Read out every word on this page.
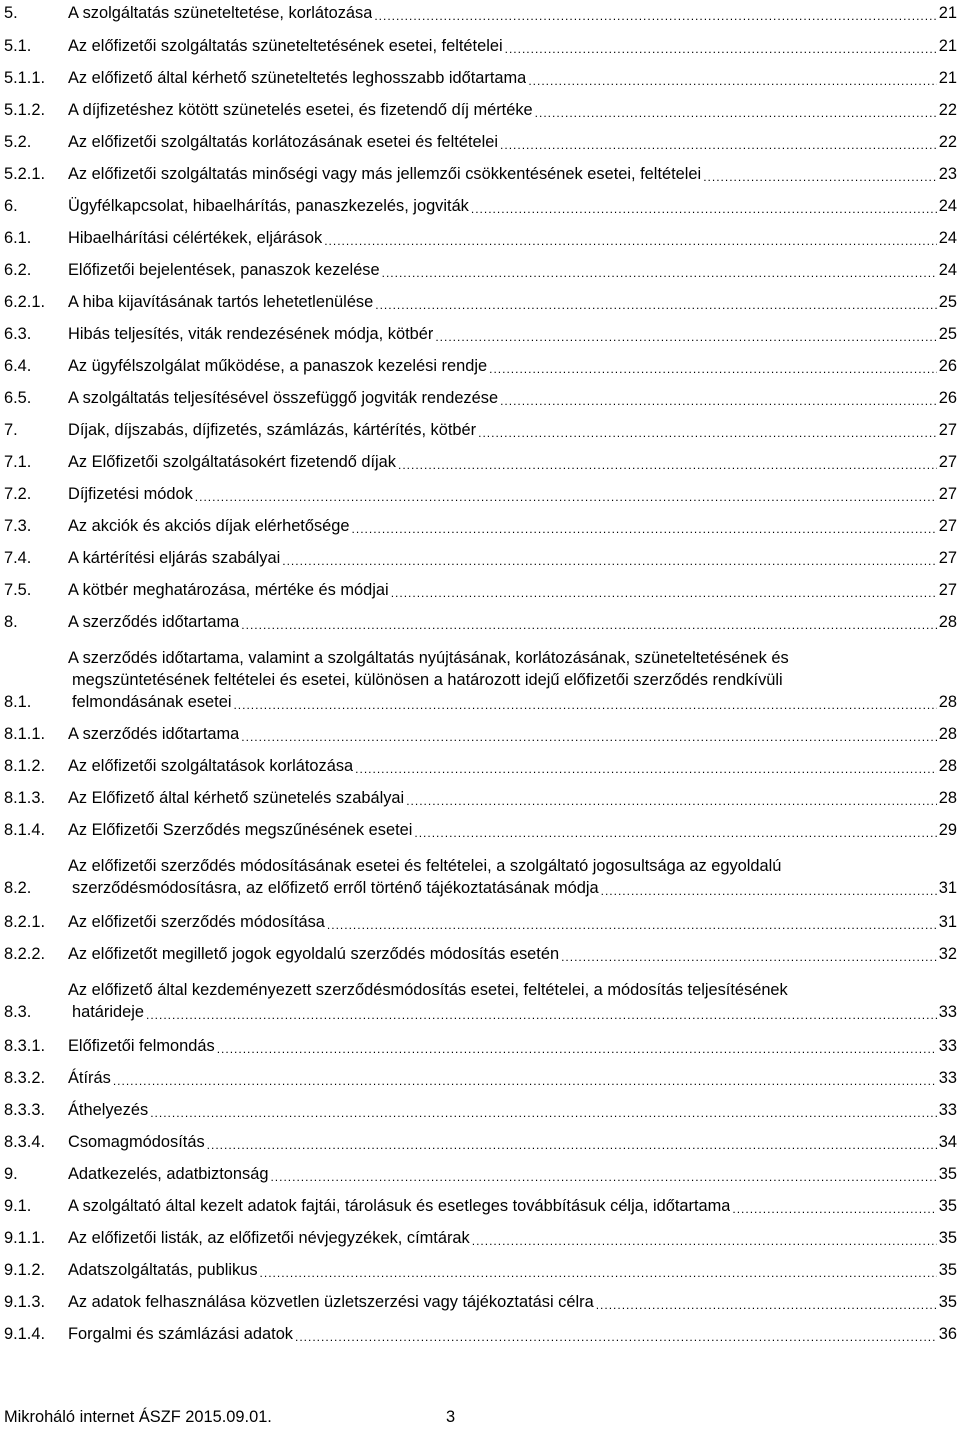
5.	A szolgáltatás szüneteltetése, korlátozása .....	21
5.1.	Az előfizetői szolgáltatás szüneteltetésének esetei, feltételei .....	21
5.1.1.	Az előfizető által kérhető szüneteltetés leghosszabb időtartama .....	21
5.1.2.	A díjfizetéshez kötött szünetelés esetei, és fizetendő díj mértéke .....	22
5.2.	Az előfizetői szolgáltatás korlátozásának esetei és feltételei .....	22
5.2.1.	Az előfizetői szolgáltatás minőségi vagy más jellemzői csökkentésének esetei, feltételei .....	23
6.	Ügyfélkapcsolat, hibaelhárítás, panaszkezelés, jogviták .....	24
6.1.	Hibaelhárítási célértékek, eljárások .....	24
6.2.	Előfizetői bejelentések, panaszok kezelése .....	24
6.2.1.	A hiba kijavításának tartós lehetetlenülése .....	25
6.3.	Hibás teljesítés, viták rendezésének módja, kötbér .....	25
6.4.	Az ügyfélszolgálat működése, a panaszok kezelési rendje .....	26
6.5.	A szolgáltatás teljesítésével összefüggő jogviták rendezése .....	26
7.	Díjak, díjszabás, díjfizetés, számlázás, kártérítés, kötbér .....	27
7.1.	Az Előfizetői szolgáltatásokért fizetendő díjak .....	27
7.2.	Díjfizetési módok .....	27
7.3.	Az akciók és akciós díjak elérhetősége .....	27
7.4.	A kártérítési eljárás szabályai .....	27
7.5.	A kötbér meghatározása, mértéke és módjai .....	27
8.	A szerződés időtartama .....	28
8.1.
A szerződés időtartama, valamint a szolgáltatás nyújtásának, korlátozásának, szüneteltetésének és
megszüntetésének feltételei és esetei, különösen a határozott idejű előfizetői szerződés rendkívüli
felmondásának esetei .....	28
8.1.1.	A szerződés időtartama .....	28
8.1.2.	Az előfizetői szolgáltatások korlátozása .....	28
8.1.3.	Az Előfizető által kérhető szünetelés szabályai .....	28
8.1.4.	Az Előfizetői Szerződés megszűnésének esetei .....	29
8.2.
Az előfizetői szerződés módosításának esetei és feltételei, a szolgáltató jogosultsága az egyoldalú
szerződésmódosításra, az előfizető erről történő tájékoztatásának módja .....	31
8.2.1.	Az előfizetői szerződés módosítása .....	31
8.2.2.	Az előfizetőt megillető jogok egyoldalú szerződés módosítás esetén .....	32
8.3.
Az előfizető által kezdeményezett szerződésmódosítás esetei, feltételei, a módosítás teljesítésének
határideje .....	33
8.3.1.	Előfizetői felmondás .....	33
8.3.2.	Átírás .....	33
8.3.3.	Áthelyezés .....	33
8.3.4.	Csomagmódosítás .....	34
9.	Adatkezelés, adatbiztonság .....	35
9.1.	A szolgáltató által kezelt adatok fajtái, tárolásuk és esetleges továbbításuk célja, időtartama .....	35
9.1.1.	Az előfizetői listák, az előfizetői névjegyzékek, címtárak .....	35
9.1.2.	Adatszolgáltatás, publikus .....	35
9.1.3.	Az adatok felhasználása közvetlen üzletszerzési vagy tájékoztatási célra .....	35
9.1.4.	Forgalmi és számlázási adatok .....	36
Mikroháló internet ÁSZF 2015.09.01.	3
